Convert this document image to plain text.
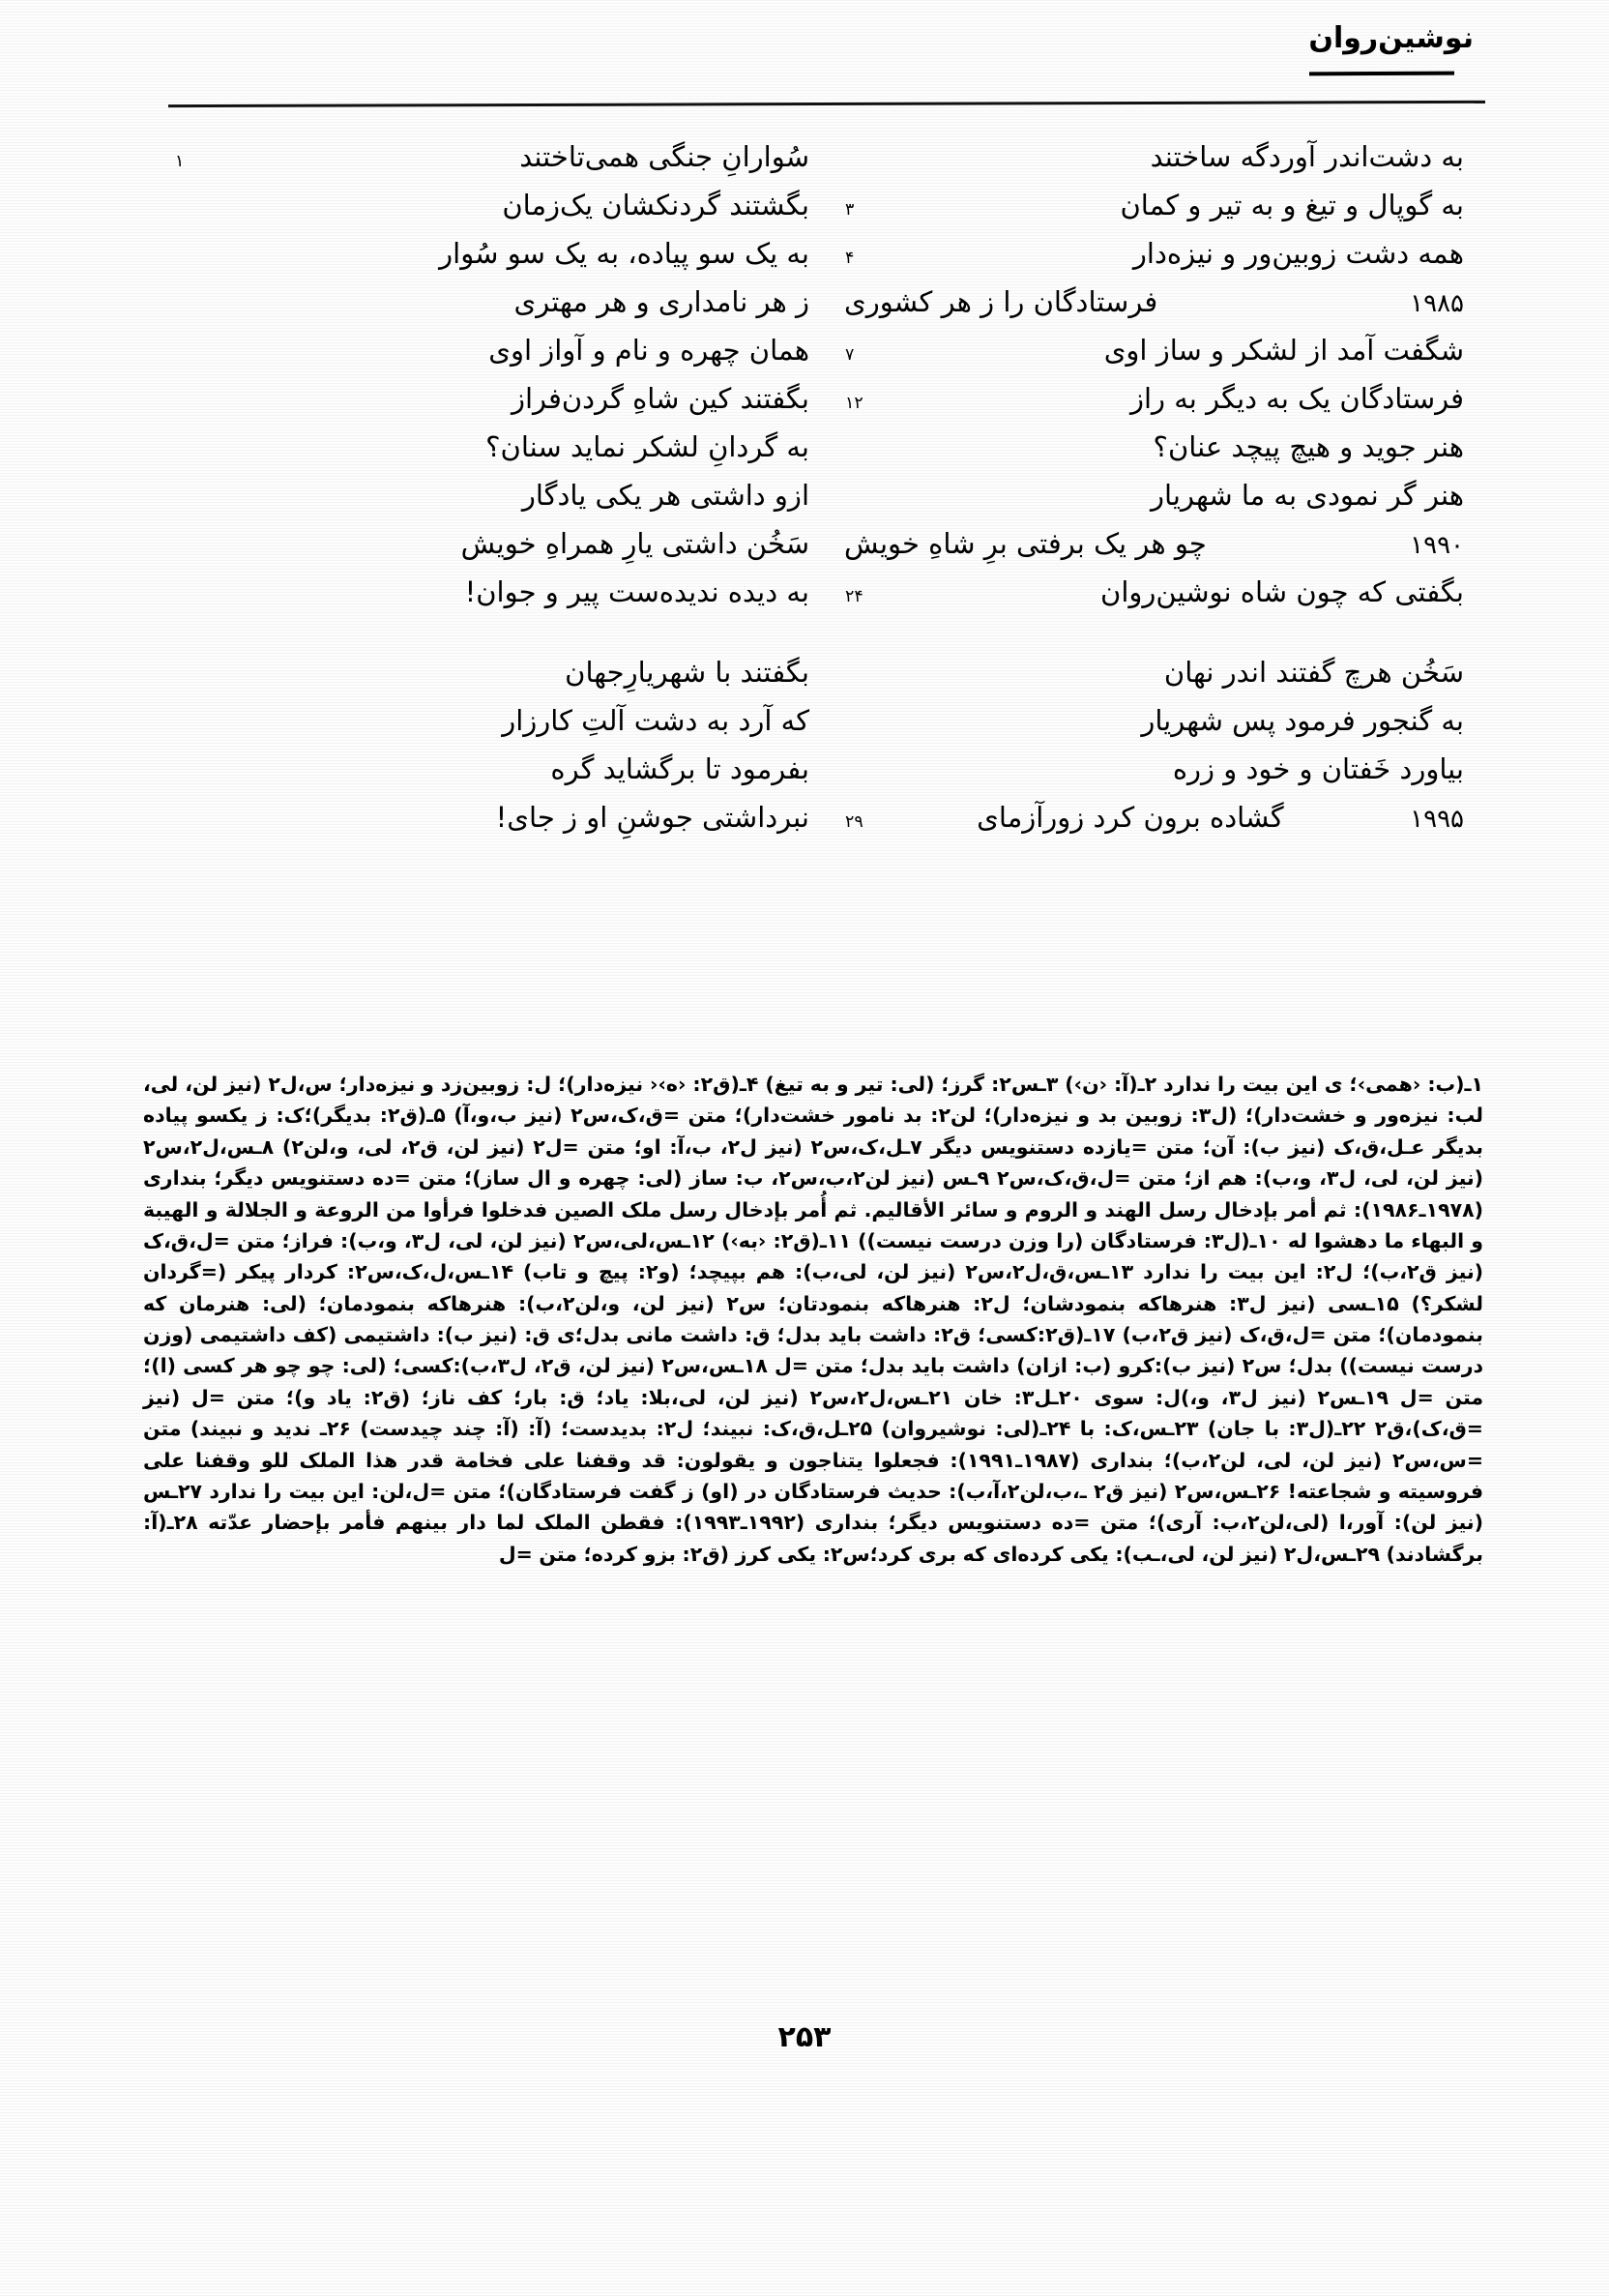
نوشین‌روان
به دشت‌اندر آوردگه ساختند
سُوارانِ جنگی همی‌تاختند
۱
به گوپال و تیغ و به تیر و کمان
۳
بگشتند گردنکشان یک‌زمان
همه دشت زوبین‌ور و نیزه‌دار
۴
به یک سو پیاده، به یک سو سُوار
۱۹۸۵
فرستادگان را ز هر کشوری
ز هر نامداری و هر مهتری
شگفت آمد از لشکر و ساز اوی
۷
همان چهره و نام و آواز اوی
فرستادگان یک به دیگر به راز
۱۲
بگفتند کین شاهِ گردن‌فراز
هنر جوید و هیچ پیچد عنان؟
به گردانِ لشکر نماید سنان؟
هنر گر نمودی به ما شهریار
ازو داشتی هر یکی یادگار
۱۹۹۰
چو هر یک برفتی برِ شاهِ خویش
سَخُن داشتی یارِ همراهِ خویش
بگفتی که چون شاه نوشین‌روان
۲۴
به دیده ندیده‌ست پیر و جوان!
سَخُن هرچ گفتند اندر نهان
بگفتند با شهریارِجهان
به گنجور فرمود پس شهریار
که آرد به دشت آلتِ کارزار
بیاورد خَفتان و خود و زره
بفرمود تا برگشاید گره
۱۹۹۵
گشاده برون کرد زورآزمای
۲۹
نبرداشتی جوشنِ او ز جای!
۱ـ(ب: ‹همی›؛ ی این بیت را ندارد ۲ـ(آ: ‹ن›) ۳ـس۲: گرز؛ (لی: تیر و به تیغ) ۴ـ(ق۲: ‹ه›‹ نیزه‌دار)؛ ل: زوبین‌زد و نیزه‌دار؛ س،ل۲ (نیز لن، لی، لب: نیزه‌ور و خشت‌دار)؛ (ل۳: زوبین بد و نیزه‌دار)؛ لن۲: بد نامور خشت‌دار)؛ متن =ق،ک،س۲ (نیز ب،و،آ) ۵ـ(ق۲: بدیگر)؛ک: ز یکسو پیاده بدیگر عـل،ق،ک (نیز ب): آن؛ متن =یازده دستنویس دیگر ۷ـل،ک،س۲ (نیز ل۲، ب،آ: او؛ متن =ل۲ (نیز لن، ق۲، لی، و،لن۲) ۸ـس،ل۲،س۲ (نیز لن، لی، ل۳، و،ب): هم از؛ متن =ل،ق،ک،س۲ ۹ـس (نیز لن۲،ب،س۲، ب: ساز (لی: چهره و ال ساز)؛ متن =ده دستنویس دیگر؛ بنداری (۱۹۷۸ـ۱۹۸۶): ثم أمر بإدخال رسل الهند و الروم و سائر الأقالیم. ثم أُمر بإدخال رسل ملک الصین فدخلوا فرأوا من الروعة و الجلالة و الهیبة و البهاء ما دهشوا له ۱۰ـ(ل۳: فرستادگان (را وزن درست نیست)) ۱۱ـ(ق۲: ‹به›) ۱۲ـس،لی،س۲ (نیز لن، لی، ل۳، و،ب): فراز؛ متن =ل،ق،ک (نیز ق۲،ب)؛ ل۲: این بیت را ندارد ۱۳ـس،ق،ل۲،س۲ (نیز لن، لی،ب): هم بپیچد؛ (و۲: پیچ و تاب) ۱۴ـس،ل،ک،س۲: کردار پیکر (=گردان لشکر؟) ۱۵ـسی (نیز ل۳: هنرهاکه بنمودشان؛ ل۲: هنرهاکه بنمودتان؛ س۲ (نیز لن، و،لن۲،ب): هنرهاکه بنمودمان؛ (لی: هنرمان که بنمودمان)؛ متن =ل،ق،ک (نیز ق۲،ب) ۱۷ـ(ق۲:کسی؛ ق۲: داشت باید بدل؛ ق: داشت مانی بدل؛ی ق: (نیز ب): داشتیمی (کف داشتیمی (وزن درست نیست)) بدل؛ س۲ (نیز ب):کرو (ب: ازان) داشت باید بدل؛ متن =ل ۱۸ـس،س۲ (نیز لن، ق۲، ل۳،ب):کسی؛ (لی: چو چو هر کسی (ا)؛ متن =ل ۱۹ـس۲ (نیز ل۳، و،)ل: سوی ۲۰ـل۳: خان ۲۱ـس،ل۲،س۲ (نیز لن، لی،بلا: یاد؛ ق: بار؛ کف ناز؛ (ق۲: یاد و)؛ متن =ل (نیز =ق،ک)،ق۲ ۲۲ـ(ل۳: با جان) ۲۳ـس،ک: با ۲۴ـ(لی: نوشیروان) ۲۵ـل،ق،ک: نبیند؛ ل۲: بدیدست؛ (آ: (آ: چند چیدست) ۲۶ـ ندید و نبیند) متن =س،س۲ (نیز لن، لی، لن۲،ب)؛ بنداری (۱۹۸۷ـ۱۹۹۱): فجعلوا یتناجون و یقولون: قد وقفنا علی فخامة قدر هذا الملک للو وقفنا علی فروسیته و شجاعته! ۲۶ـس،س۲ (نیز ق۲ ـ،ب،لن۲،آ،ب): حدیث فرستادگان در (او) ز گفت فرستادگان)؛ متن =ل،لن: این بیت را ندارد ۲۷ـس (نیز لن): آور،ا (لی،لن۲،ب: آری)؛ متن =ده دستنویس دیگر؛ بنداری (۱۹۹۲ـ۱۹۹۳): فقطن الملک لما دار بینهم فأمر بإحضار عدّته ۲۸ـ(آ: برگشادند) ۲۹ـس،ل۲ (نیز لن، لی،ـب): یکی کرده‌ای که بری کرد؛س۲: یکی کرز (ق۲: بزو کرده؛ متن =ل
۲۵۳
